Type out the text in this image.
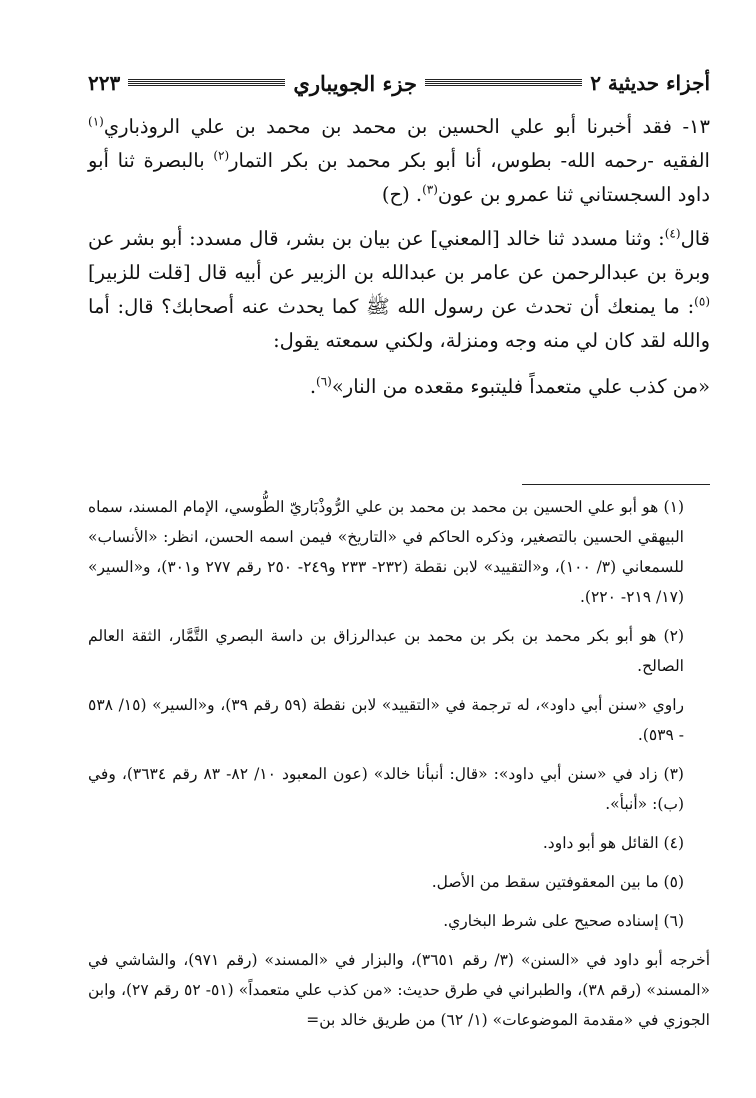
أجزاء حديثية ٢
جزء الجويباري
٢٢٣

١٣- فقد أخبرنا أبو علي الحسين بن محمد بن محمد بن علي الروذباري$^{(١)}$ الفقيه -رحمه الله- بطوس، أنا أبو بكر محمد بن بكر التمار$^{(٢)}$ بالبصرة ثنا أبو داود السجستاني ثنا عمرو بن عون$^{(٣)}$. (ح)

قال$^{(٤)}$: وثنا مسدد ثنا خالد [المعني] عن بيان بن بشر، قال مسدد: أبو بشر عن وبرة بن عبدالرحمن عن عامر بن عبدالله بن الزبير عن أبيه قال [قلت للزبير]$^{(٥)}$: ما يمنعك أن تحدث عن رسول الله ﷺ كما يحدث عنه أصحابك؟ قال: أما والله لقد كان لي منه وجه ومنزلة، ولكني سمعته يقول:

«من كذب علي متعمداً فليتبوء مقعده من النار»$^{(٦)}$.

(١) هو أبو علي الحسين بن محمد بن محمد بن علي الرُّوذْبَاريّ الطُّوسي، الإمام المسند، سماه البيهقي الحسين بالتصغير، وذكره الحاكم في «التاريخ» فيمن اسمه الحسن، انظر: «الأنساب» للسمعاني (٣/ ١٠٠)، و«التقييد» لابن نقطة (٢٣٢- ٢٣٣ و٢٤٩- ٢٥٠ رقم ٢٧٧ و٣٠١)، و«السير» (١٧/ ٢١٩- ٢٢٠).

(٢) هو أبو بكر محمد بن بكر بن محمد بن عبدالرزاق بن داسة البصري التَّمَّار، الثقة العالم الصالح.

راوي «سنن أبي داود»، له ترجمة في «التقييد» لابن نقطة (٥٩ رقم ٣٩)، و«السير» (١٥/ ٥٣٨ - ٥٣٩).

(٣) زاد في «سنن أبي داود»: «قال: أنبأنا خالد» (عون المعبود ١٠/ ٨٢- ٨٣ رقم ٣٦٣٤)، وفي (ب): «أنبأ».

(٤) القائل هو أبو داود.

(٥) ما بين المعقوفتين سقط من الأصل.

(٦) إسناده صحيح على شرط البخاري.

أخرجه أبو داود في «السنن» (٣/ رقم ٣٦٥١)، والبزار في «المسند» (رقم ٩٧١)، والشاشي في «المسند» (رقم ٣٨)، والطبراني في طرق حديث: «من كذب علي متعمداً» (٥١- ٥٢ رقم ٢٧)، وابن الجوزي في «مقدمة الموضوعات» (١/ ٦٢) من طريق خالد بن=
